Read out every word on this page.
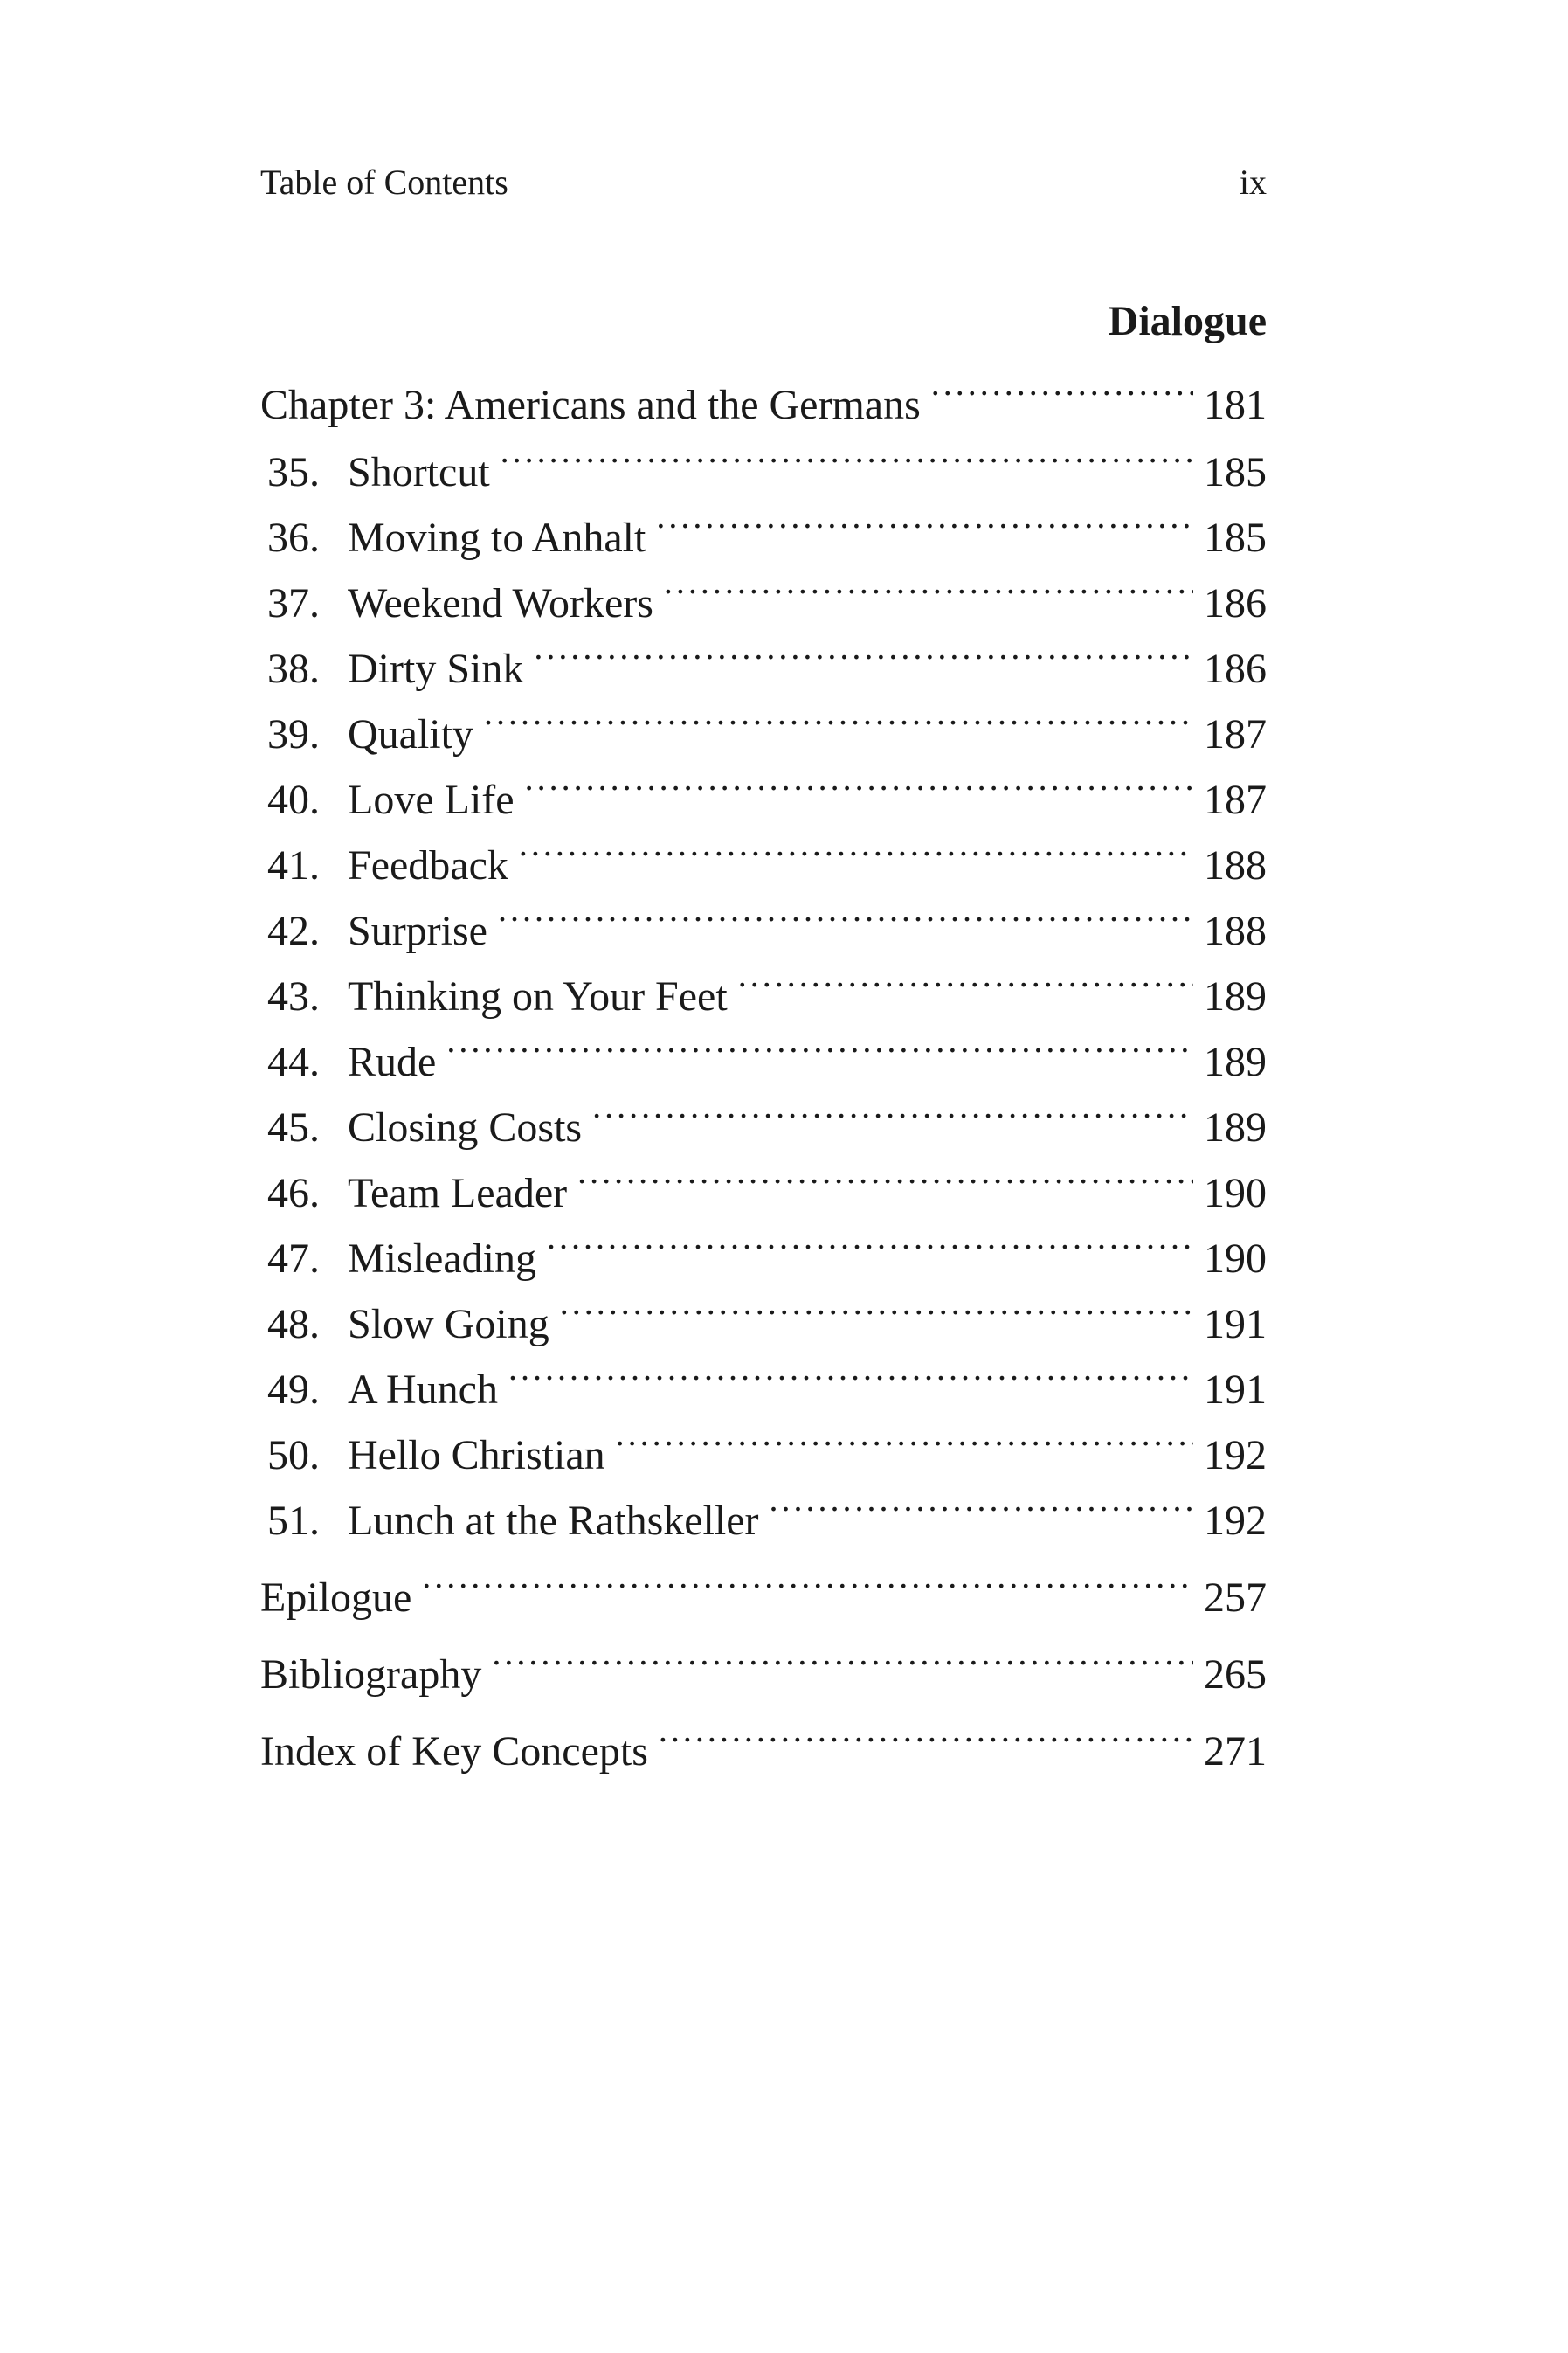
Table of Contents	ix
Dialogue
Chapter 3: Americans and the Germans . . .	181
35. Shortcut . . .	185
36. Moving to Anhalt . . .	185
37. Weekend Workers . . .	186
38. Dirty Sink . . .	186
39. Quality . . .	187
40. Love Life . . .	187
41. Feedback . . .	188
42. Surprise . . .	188
43. Thinking on Your Feet . . .	189
44. Rude . . .	189
45. Closing Costs . . .	189
46. Team Leader . . .	190
47. Misleading . . .	190
48. Slow Going . . .	191
49. A Hunch . . .	191
50. Hello Christian . . .	192
51. Lunch at the Rathskeller . . .	192
Epilogue . . .	257
Bibliography . . .	265
Index of Key Concepts . . .	271
